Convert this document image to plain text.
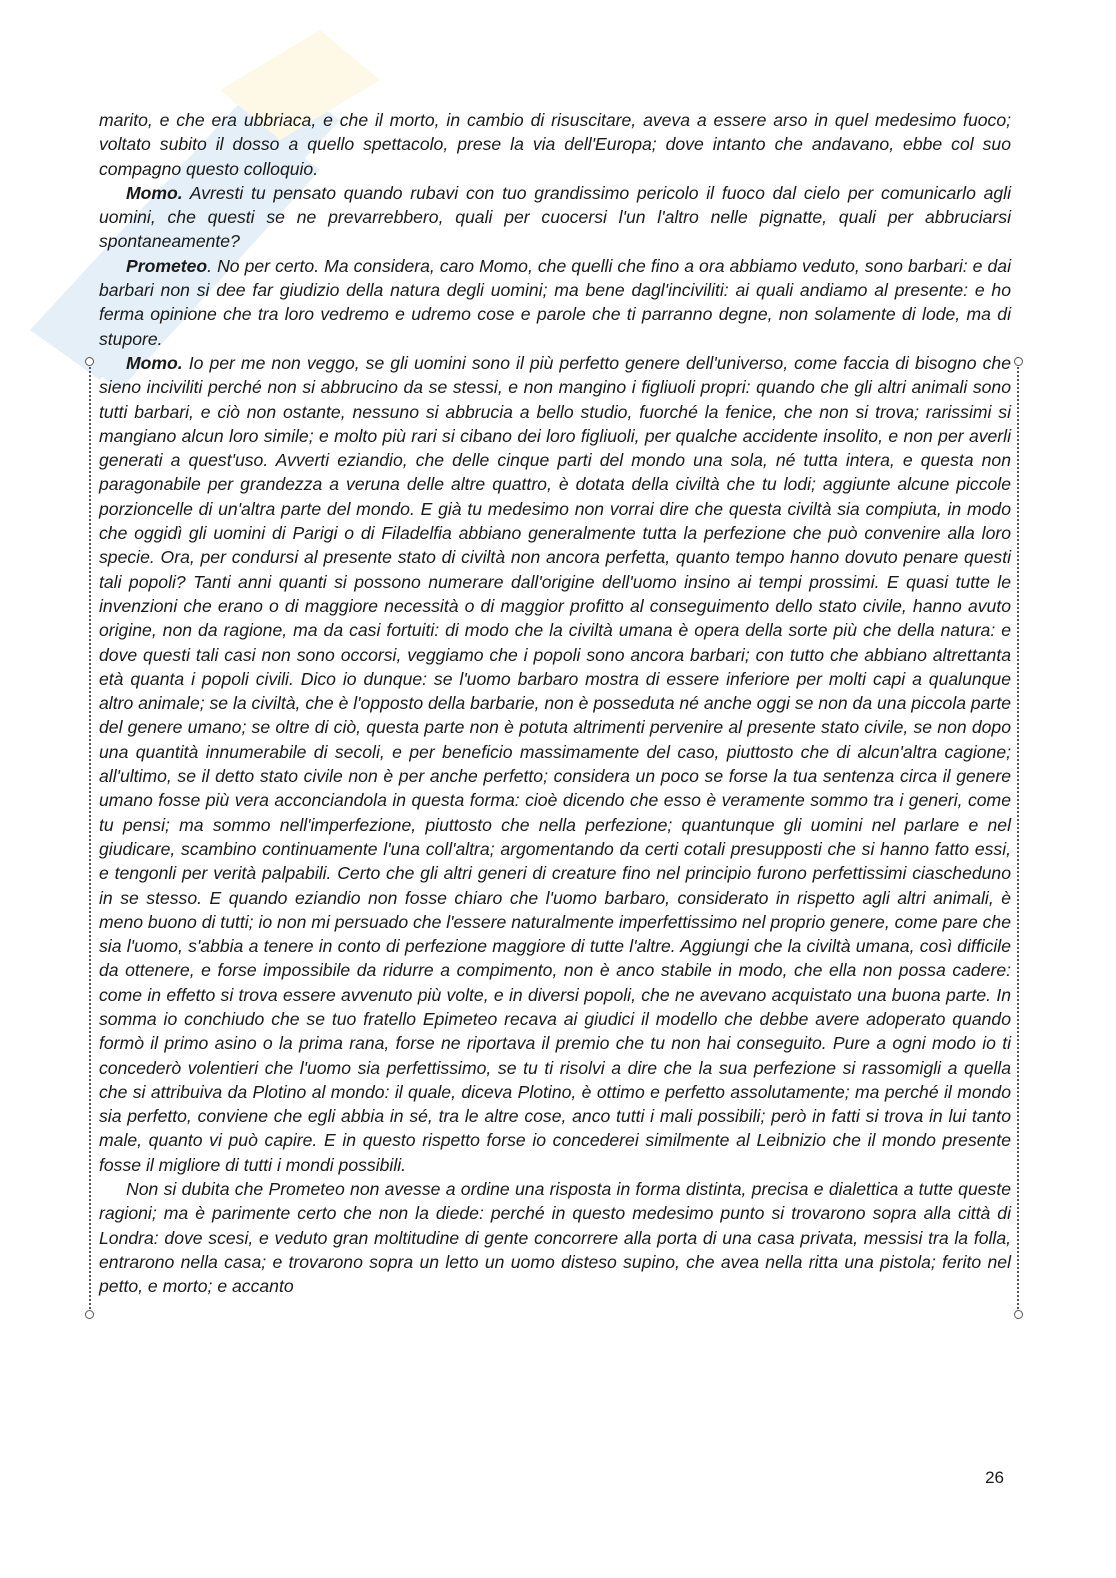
marito, e che era ubbriaca, e che il morto, in cambio di risuscitare, aveva a essere arso in quel medesimo fuoco; voltato subito il dosso a quello spettacolo, prese la via dell'Europa; dove intanto che andavano, ebbe col suo compagno questo colloquio.

Momo. Avresti tu pensato quando rubavi con tuo grandissimo pericolo il fuoco dal cielo per comunicarlo agli uomini, che questi se ne prevarrebbero, quali per cuocersi l'un l'altro nelle pignatte, quali per abbruciarsi spontaneamente?

Prometeo. No per certo. Ma considera, caro Momo, che quelli che fino a ora abbiamo veduto, sono barbari: e dai barbari non si dee far giudizio della natura degli uomini; ma bene dagl'inciviliti: ai quali andiamo al presente: e ho ferma opinione che tra loro vedremo e udremo cose e parole che ti parranno degne, non solamente di lode, ma di stupore.

Momo. Io per me non veggo, se gli uomini sono il più perfetto genere dell'universo, come faccia di bisogno che sieno inciviliti perché non si abbrucino da se stessi, e non mangino i figliuoli propri: quando che gli altri animali sono tutti barbari, e ciò non ostante, nessuno si abbrucia a bello studio, fuorché la fenice, che non si trova; rarissimi si mangiano alcun loro simile; e molto più rari si cibano dei loro figliuoli, per qualche accidente insolito, e non per averli generati a quest'uso. Avverti eziandio, che delle cinque parti del mondo una sola, né tutta intera, e questa non paragonabile per grandezza a veruna delle altre quattro, è dotata della civiltà che tu lodi; aggiunte alcune piccole porzioncelle di un'altra parte del mondo. E già tu medesimo non vorrai dire che questa civiltà sia compiuta, in modo che oggidì gli uomini di Parigi o di Filadelfia abbiano generalmente tutta la perfezione che può convenire alla loro specie. Ora, per condursi al presente stato di civiltà non ancora perfetta, quanto tempo hanno dovuto penare questi tali popoli? Tanti anni quanti si possono numerare dall'origine dell'uomo insino ai tempi prossimi. E quasi tutte le invenzioni che erano o di maggiore necessità o di maggior profitto al conseguimento dello stato civile, hanno avuto origine, non da ragione, ma da casi fortuiti: di modo che la civiltà umana è opera della sorte più che della natura: e dove questi tali casi non sono occorsi, veggiamo che i popoli sono ancora barbari; con tutto che abbiano altrettanta età quanta i popoli civili. Dico io dunque: se l'uomo barbaro mostra di essere inferiore per molti capi a qualunque altro animale; se la civiltà, che è l'opposto della barbarie, non è posseduta né anche oggi se non da una piccola parte del genere umano; se oltre di ciò, questa parte non è potuta altrimenti pervenire al presente stato civile, se non dopo una quantità innumerabile di secoli, e per beneficio massimamente del caso, piuttosto che di alcun'altra cagione; all'ultimo, se il detto stato civile non è per anche perfetto; considera un poco se forse la tua sentenza circa il genere umano fosse più vera acconciandola in questa forma: cioè dicendo che esso è veramente sommo tra i generi, come tu pensi; ma sommo nell'imperfezione, piuttosto che nella perfezione; quantunque gli uomini nel parlare e nel giudicare, scambino continuamente l'una coll'altra; argomentando da certi cotali presupposti che si hanno fatto essi, e tengonli per verità palpabili. Certo che gli altri generi di creature fino nel principio furono perfettissimi ciascheduno in se stesso. E quando eziandio non fosse chiaro che l'uomo barbaro, considerato in rispetto agli altri animali, è meno buono di tutti; io non mi persuado che l'essere naturalmente imperfettissimo nel proprio genere, come pare che sia l'uomo, s'abbia a tenere in conto di perfezione maggiore di tutte l'altre. Aggiungi che la civiltà umana, così difficile da ottenere, e forse impossibile da ridurre a compimento, non è anco stabile in modo, che ella non possa cadere: come in effetto si trova essere avvenuto più volte, e in diversi popoli, che ne avevano acquistato una buona parte. In somma io conchiudo che se tuo fratello Epimeteo recava ai giudici il modello che debbe avere adoperato quando formò il primo asino o la prima rana, forse ne riportava il premio che tu non hai conseguito. Pure a ogni modo io ti concederò volentieri che l'uomo sia perfettissimo, se tu ti risolvi a dire che la sua perfezione si rassomigli a quella che si attribuiva da Plotino al mondo: il quale, diceva Plotino, è ottimo e perfetto assolutamente; ma perché il mondo sia perfetto, conviene che egli abbia in sé, tra le altre cose, anco tutti i mali possibili; però in fatti si trova in lui tanto male, quanto vi può capire. E in questo rispetto forse io concederei similmente al Leibnizio che il mondo presente fosse il migliore di tutti i mondi possibili.

Non si dubita che Prometeo non avesse a ordine una risposta in forma distinta, precisa e dialettica a tutte queste ragioni; ma è parimente certo che non la diede: perché in questo medesimo punto si trovarono sopra alla città di Londra: dove scesi, e veduto gran moltitudine di gente concorrere alla porta di una casa privata, messisi tra la folla, entrarono nella casa; e trovarono sopra un letto un uomo disteso supino, che avea nella ritta una pistola; ferito nel petto, e morto; e accanto

26
